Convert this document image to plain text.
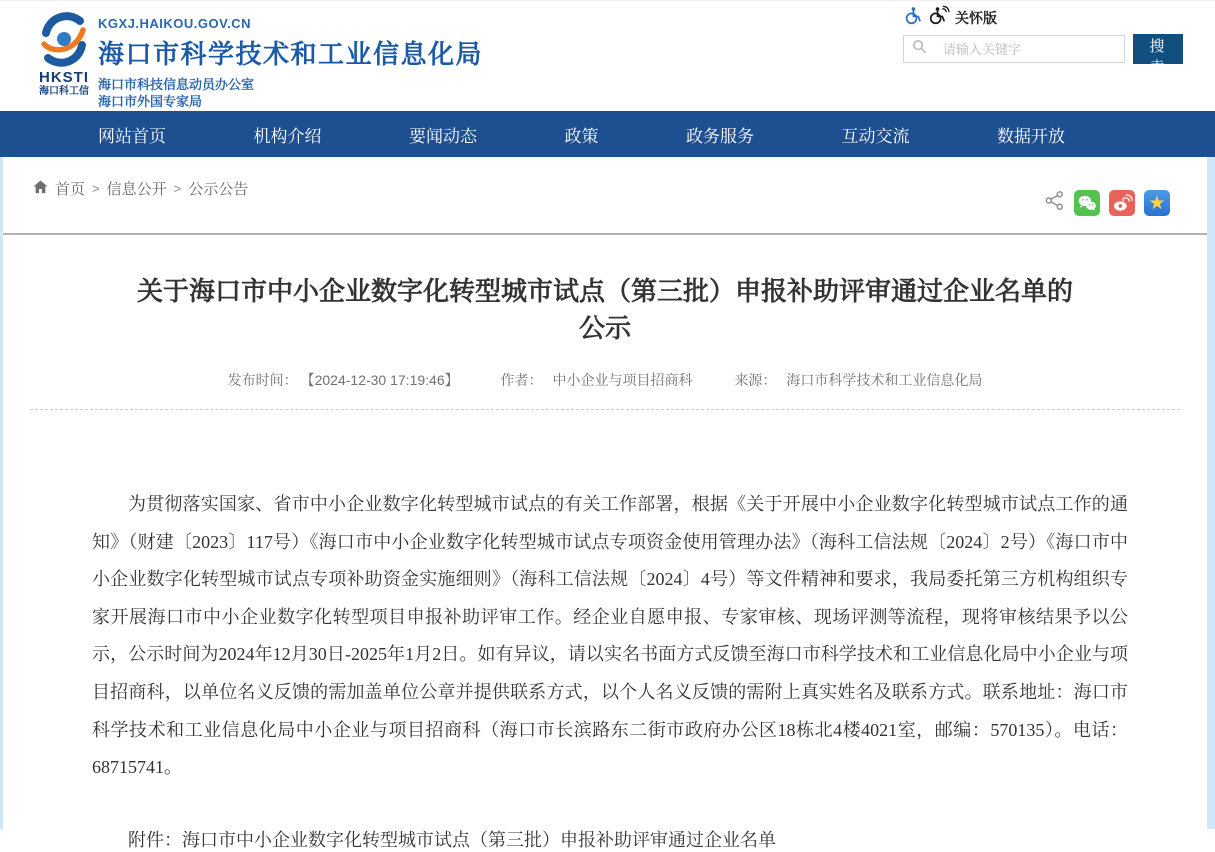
HKSTI
海口科工信
KGXJ.HAIKOU.GOV.CN
海口市科学技术和工业信息化局
海口市科技信息动员办公室
海口市外国专家局
关怀版
请输入关键字
搜 索
网站首页	机构介绍	要闻动态	政策	政务服务	互动交流	数据开放
首页 > 信息公开 > 公示公告
★
关于海口市中小企业数字化转型城市试点（第三批）申报补助评审通过企业名单的公示
发布时间： 【2024-12-30 17:19:46】	作者： 中小企业与项目招商科	来源： 海口市科学技术和工业信息化局

为贯彻落实国家、省市中小企业数字化转型城市试点的有关工作部署，根据《关于开展中小企业数字化转型城市试点工作的通知》（财建〔2023〕117号）《海口市中小企业数字化转型城市试点专项资金使用管理办法》（海科工信法规〔2024〕2号）《海口市中小企业数字化转型城市试点专项补助资金实施细则》（海科工信法规〔2024〕4号）等文件精神和要求，我局委托第三方机构组织专家开展海口市中小企业数字化转型项目申报补助评审工作。经企业自愿申报、专家审核、现场评测等流程，现将审核结果予以公示，公示时间为2024年12月30日-2025年1月2日。如有异议，请以实名书面方式反馈至海口市科学技术和工业信息化局中小企业与项目招商科，以单位名义反馈的需加盖单位公章并提供联系方式，以个人名义反馈的需附上真实姓名及联系方式。联系地址：海口市科学技术和工业信息化局中小企业与项目招商科（海口市长滨路东二街市政府办公区18栋北4楼4021室，邮编：570135）。电话：68715741。

附件：海口市中小企业数字化转型城市试点（第三批）申报补助评审通过企业名单
